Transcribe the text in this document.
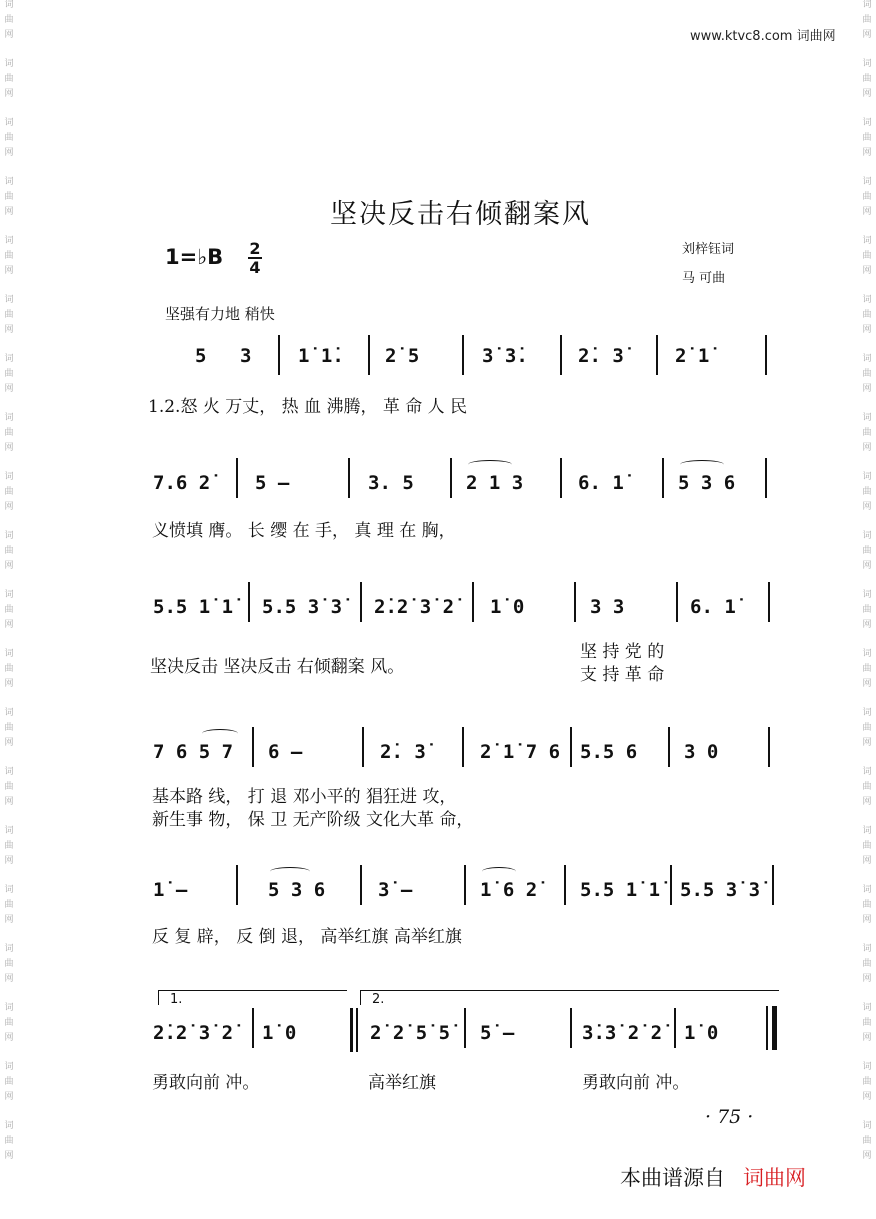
词
曲
网
词
曲
网
词
曲
网
词
曲
网
词
曲
网
词
曲
网
词
曲
网
词
曲
网
词
曲
网
词
曲
网
词
曲
网
词
曲
网
词
曲
网
词
曲
网
词
曲
网
词
曲
网
词
曲
网
词
曲
网
词
曲
网
词
曲
网
词
曲
网
词
曲
网
词
曲
网
词
曲
网
词
曲
网
词
曲
网
词
曲
网
词
曲
网
词
曲
网
词
曲
网
词
曲
网
词
曲
网
词
曲
网
词
曲
网
词
曲
网
词
曲
网
词
曲
网
词
曲
网
词
曲
网
词
曲
网
www.ktvc8.com 词曲网
坚决反击右倾翻案风
1=♭B 2
4
刘梓钰词
马 可曲
坚强有力地 稍快
5 3 1̇ 1̇. 2̇ 5	3̇ 3̇.	2̇. 3̇	2̇ 1̇
1.2.怒 火 万丈， 热 血 沸腾， 革 命 人 民
7.6 2̇ 5 –	3. 5	2 1 3	6. 1̇	5 3 6
义愤填 膺。 长 缨 在 手， 真 理 在 胸，
5.5 1̇ 1̇ 5.5 3̇ 3̇ 2̇.2̇ 3̇ 2̇ 1̇ 0	3 3	6. 1̇
坚决反击 坚决反击 右倾翻案 风。
坚 持 党 的
支 持 革 命
7 6 5 7 6 –	2̇. 3̇	2̇ 1̇ 7 6 5.5 6 3 0
基本路 线， 打 退 邓小平的 猖狂进 攻，
新生事 物， 保 卫 无产阶级 文化大革 命，
1̇ –	5 3 6	3̇ –	1̇ 6 2̇ 5.5 1̇ 1̇ 5.5 3̇ 3̇
反 复 辟， 反 倒 退， 高举红旗 高举红旗
1.	2.
2̇.2̇ 3̇ 2̇ 1̇ 0	2̇ 2̇ 5̇ 5̇ 5̇ –	3̇.3̇ 2̇ 2̇ 1̇ 0
勇敢向前 冲。	高举红旗	勇敢向前 冲。
· 75 ·
本曲谱源自 词曲网
